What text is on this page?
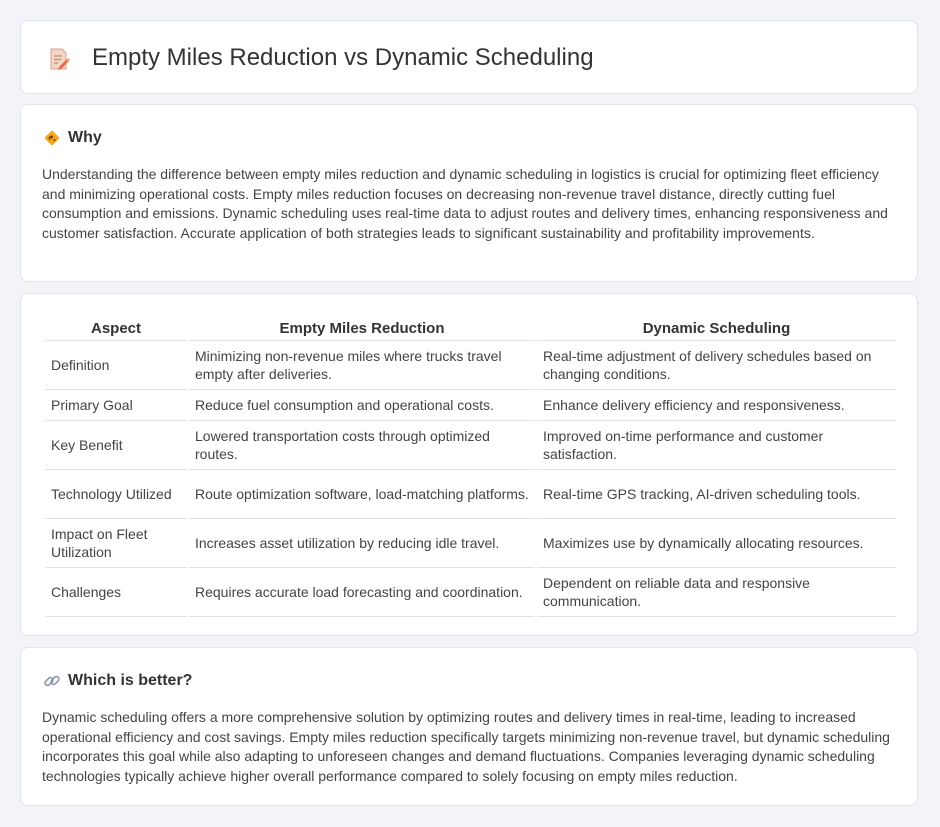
Empty Miles Reduction vs Dynamic Scheduling
Why

Understanding the difference between empty miles reduction and dynamic scheduling in logistics is crucial for optimizing fleet efficiency and minimizing operational costs. Empty miles reduction focuses on decreasing non-revenue travel distance, directly cutting fuel consumption and emissions. Dynamic scheduling uses real-time data to adjust routes and delivery times, enhancing responsiveness and customer satisfaction. Accurate application of both strategies leads to significant sustainability and profitability improvements.

Aspect	Empty Miles Reduction	Dynamic Scheduling
Definition	Minimizing non-revenue miles where trucks travel empty after deliveries.	Real-time adjustment of delivery schedules based on changing conditions.
Primary Goal	Reduce fuel consumption and operational costs.	Enhance delivery efficiency and responsiveness.
Key Benefit	Lowered transportation costs through optimized routes.	Improved on-time performance and customer satisfaction.
Technology Utilized	Route optimization software, load-matching platforms.	Real-time GPS tracking, AI-driven scheduling tools.
Impact on Fleet Utilization	Increases asset utilization by reducing idle travel.	Maximizes use by dynamically allocating resources.
Challenges	Requires accurate load forecasting and coordination.	Dependent on reliable data and responsive communication.
Which is better?

Dynamic scheduling offers a more comprehensive solution by optimizing routes and delivery times in real-time, leading to increased operational efficiency and cost savings. Empty miles reduction specifically targets minimizing non-revenue travel, but dynamic scheduling incorporates this goal while also adapting to unforeseen changes and demand fluctuations. Companies leveraging dynamic scheduling technologies typically achieve higher overall performance compared to solely focusing on empty miles reduction.
